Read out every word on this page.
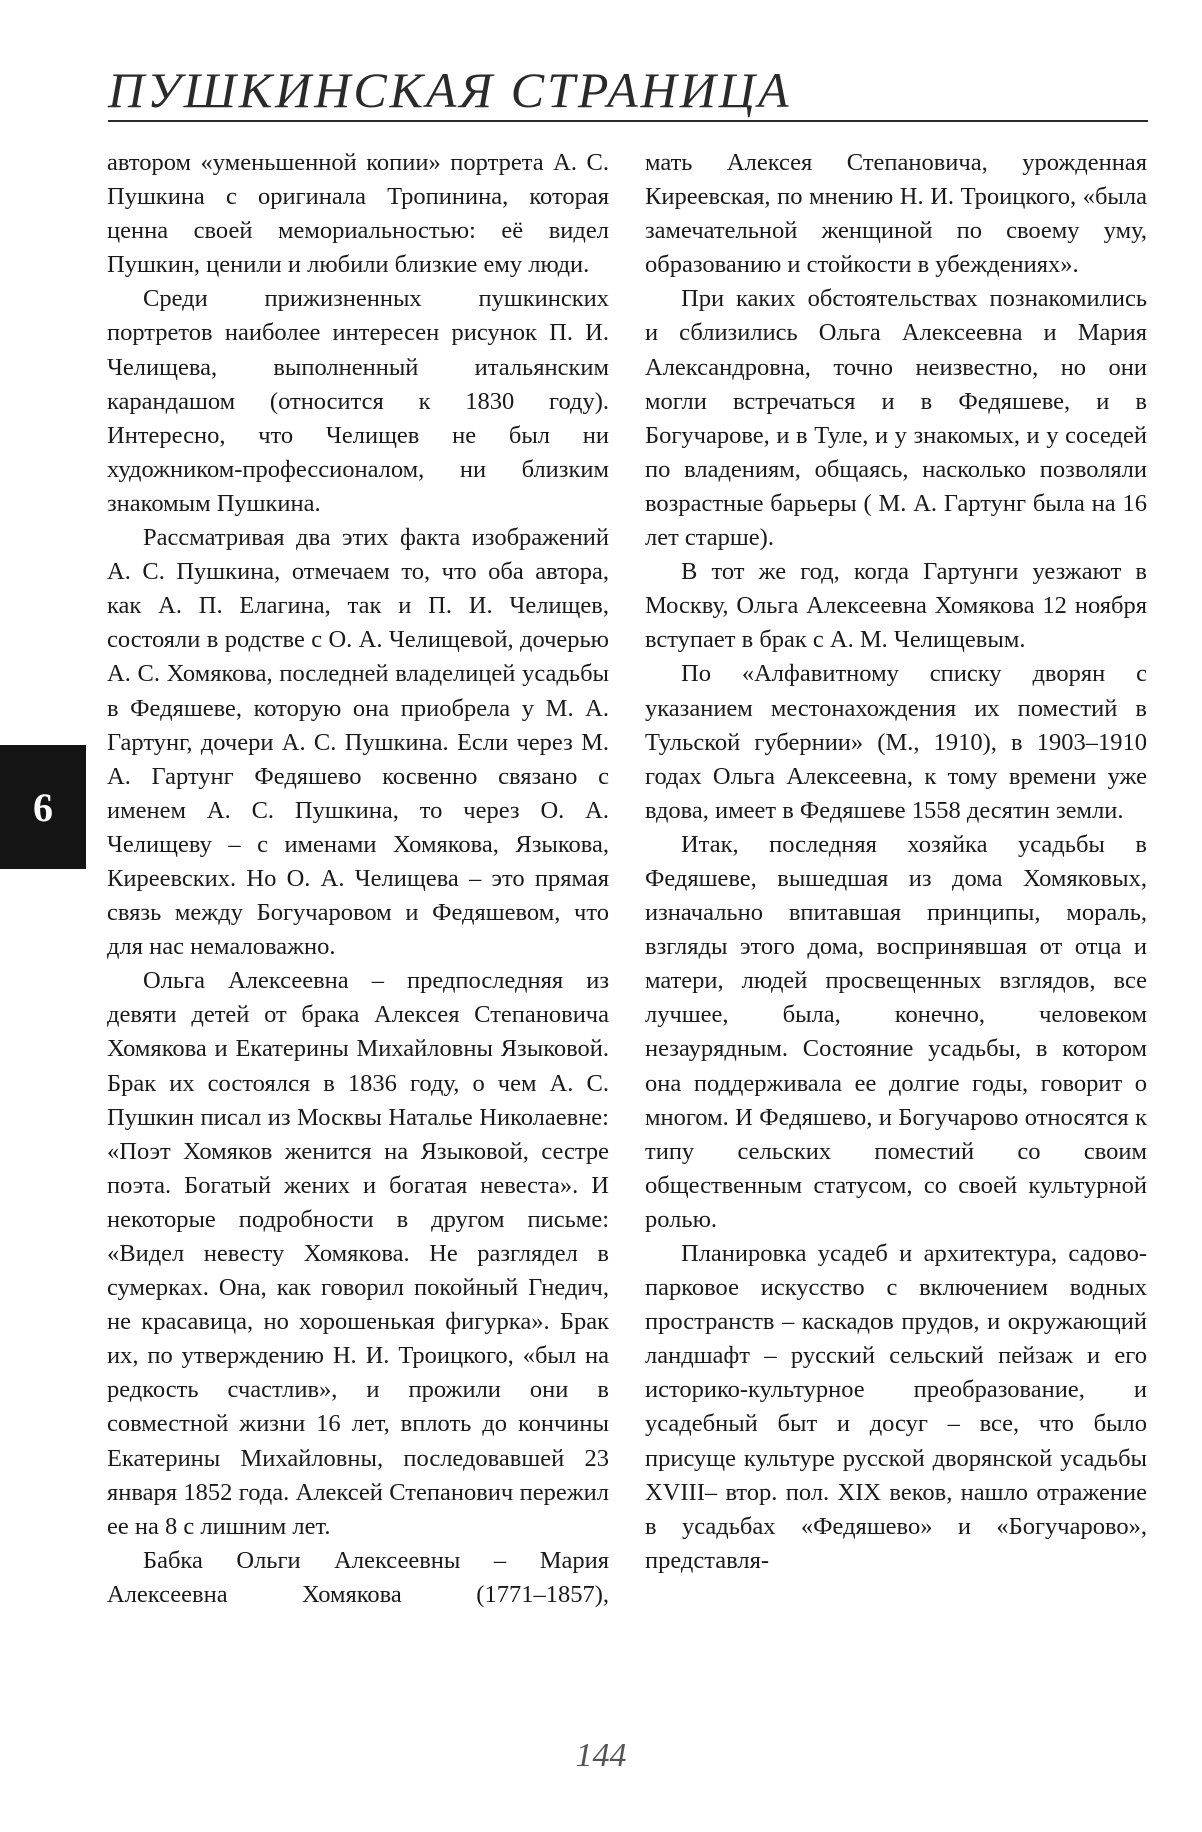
ПУШКИНСКАЯ СТРАНИЦА
6

автором «уменьшенной копии» портрета А. С. Пушкина с оригинала Тропинина, которая ценна своей мемориальностью: её видел Пушкин, ценили и любили близкие ему люди.

Среди прижизненных пушкинских портретов наиболее интересен рисунок П. И. Челищева, выполненный итальянским карандашом (относится к 1830 году). Интересно, что Челищев не был ни художником-профессионалом, ни близким знакомым Пушкина.

Рассматривая два этих факта изображений А. С. Пушкина, отмечаем то, что оба автора, как А. П. Елагина, так и П. И. Челищев, состояли в родстве с О. А. Челищевой, дочерью А. С. Хомякова, последней владелицей усадьбы в Федяшеве, которую она приобрела у М. А. Гартунг, дочери А. С. Пушкина. Если через М. А. Гартунг Федяшево косвенно связано с именем А. С. Пушкина, то через О. А. Челищеву – с именами Хомякова, Языкова, Киреевских. Но О. А. Челищева – это прямая связь между Богучаровом и Федяшевом, что для нас немаловажно.

Ольга Алексеевна – предпоследняя из девяти детей от брака Алексея Степановича Хомякова и Екатерины Михайловны Языковой. Брак их состоялся в 1836 году, о чем А. С. Пушкин писал из Москвы Наталье Николаевне: «Поэт Хомяков женится на Языковой, сестре поэта. Богатый жених и богатая невеста». И некоторые подробности в другом письме: «Видел невесту Хомякова. Не разглядел в сумерках. Она, как говорил покойный Гнедич, не красавица, но хорошенькая фигурка». Брак их, по утверждению Н. И. Троицкого, «был на редкость счастлив», и прожили они в совместной жизни 16 лет, вплоть до кончины Екатерины Михайловны, последовавшей 23 января 1852 года. Алексей Степанович пережил ее на 8 с лишним лет.

Бабка Ольги Алексеевны – Мария Алексеевна Хомякова (1771–1857),

мать Алексея Степановича, урожденная Киреевская, по мнению Н. И. Троицкого, «была замечательной женщиной по своему уму, образованию и стойкости в убеждениях».

При каких обстоятельствах познакомились и сблизились Ольга Алексеевна и Мария Александровна, точно неизвестно, но они могли встречаться и в Федяшеве, и в Богучарове, и в Туле, и у знакомых, и у соседей по владениям, общаясь, насколько позволяли возрастные барьеры ( М. А. Гартунг была на 16 лет старше).

В тот же год, когда Гартунги уезжают в Москву, Ольга Алексеевна Хомякова 12 ноября вступает в брак с А. М. Челищевым.

По «Алфавитному списку дворян с указанием местонахождения их поместий в Тульской губернии» (М., 1910), в 1903–1910 годах Ольга Алексеевна, к тому времени уже вдова, имеет в Федяшеве 1558 десятин земли.

Итак, последняя хозяйка усадьбы в Федяшеве, вышедшая из дома Хомяковых, изначально впитавшая принципы, мораль, взгляды этого дома, воспринявшая от отца и матери, людей просвещенных взглядов, все лучшее, была, конечно, человеком незаурядным. Состояние усадьбы, в котором она поддерживала ее долгие годы, говорит о многом. И Федяшево, и Богучарово относятся к типу сельских поместий со своим общественным статусом, со своей культурной ролью.

Планировка усадеб и архитектура, садово-парковое искусство с включением водных пространств – каскадов прудов, и окружающий ландшафт – русский сельский пейзаж и его историко-культурное преобразование, и усадебный быт и досуг – все, что было присуще культуре русской дворянской усадьбы XVIII– втор. пол. XIX веков, нашло отражение в усадьбах «Федяшево» и «Богучарово», представля-

144
